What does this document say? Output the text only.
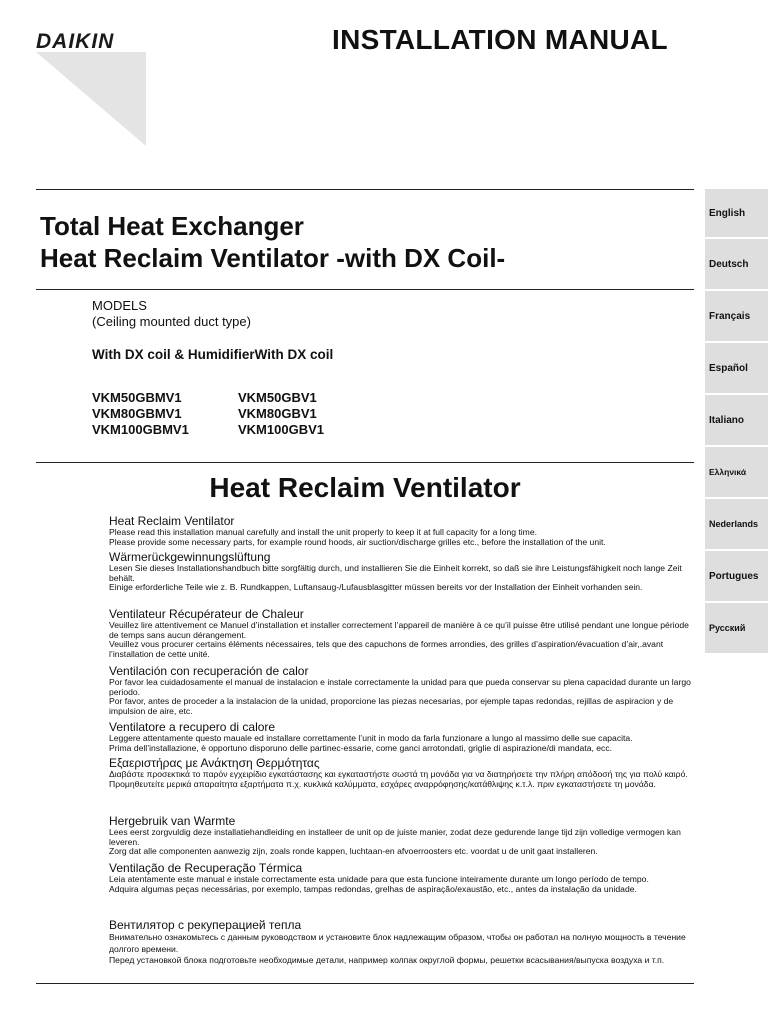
DAIKIN	INSTALLATION MANUAL
Total Heat Exchanger
Heat Reclaim Ventilator -with DX Coil-
MODELS
(Ceiling mounted duct type)
With DX coil & HumidifierWith DX coil
VKM50GBMV1
VKM80GBMV1
VKM100GBMV1
VKM50GBV1
VKM80GBV1
VKM100GBV1
Heat Reclaim Ventilator

Heat Reclaim Ventilator

Please read this installation manual carefully and install the unit properly to keep it at full capacity for a long time.
Please provide some necessary parts, for example round hoods, air suction/discharge grilles etc., before the installation of the unit.

Wärmerückgewinnungslüftung

Lesen Sie dieses Installationshandbuch bitte sorgfältig durch, und installieren Sie die Einheit korrekt, so daß sie ihre Leistungsfähigkeit noch lange Zeit behält.
Einige erforderliche Teile wie z. B. Rundkappen, Luftansaug-/Lufausblasgitter müssen bereits vor der Installation der Einheit vorhanden sein.

Ventilateur Récupérateur de Chaleur

Veuillez lire attentivement ce Manuel d’installation et installer correctement l’appareil de manière à ce qu’il puisse être utilisé pendant une longue période de temps sans aucun dérangement.
Veuillez vous procurer certains éléments nécessaires, tels que des capuchons de formes arrondies, des grilles d’aspiration/évacuation d’air,.avant l’installation de cette unité.

Ventilación con recuperación de calor

Por favor lea cuidadosamente el manual de instalacion e instale correctamente la unidad para que pueda conservar su plena capacidad durante un largo periodo.
Por favor, antes de proceder a la instalacion de la unidad, proporcione las piezas necesarias, por ejemple tapas redondas, rejillas de aspiracion y de impulsion de aire, etc.

Ventilatore a recupero di calore

Leggere attentamente questo mauale ed installare correttamente l’unit in modo da farla funzionare a lungo al massimo delle sue capacita.
Prima dell’installazione, è opportuno disporuno delle partinec-essarie, come ganci arrotondati, griglie di aspirazione/di mandata, ecc.

Εξαεριστήρας με Ανάκτηση Θερμότητας

Διαβάστε προσεκτικά το παρόν εγχειρίδιο εγκατάστασης και εγκαταστήστε σωστά τη μονάδα για να διατηρήσετε την πλήρη απόδοσή της για πολύ καιρό.
Προμηθευτείτε μερικά απαραίτητα εξαρτήματα π.χ. κυκλικά καλύμματα, εσχάρες αναρρόφησης/κατάθλιψης κ.τ.λ. πριν εγκαταστήσετε τη μονάδα.

Hergebruik van Warmte

Lees eerst zorgvuldig deze installatiehandleiding en installeer de unit op de juiste manier, zodat deze gedurende lange tijd zijn volledige vermogen kan leveren.
Zorg dat alle componenten aanwezig zijn, zoals ronde kappen, luchtaan-en afvoerroosters etc. voordat u de unit gaat installeren.

Ventilação de Recuperação Térmica

Leia atentamente este manual e instale correctamente esta unidade para que esta funcione inteiramente durante um longo período de tempo.
Adquira algumas peças necessárias, por exemplo, tampas redondas, grelhas de aspiração/exaustão, etc., antes da instalação da unidade.

Вентилятор с рекуперацией тепла

Внимательно ознакомьтесь с данным руководством и установите блок надлежащим образом, чтобы он работал на полную мощность в течение долгого времени.
Перед установкой блока подготовьте необходимые детали, например колпак округлой формы, решетки всасывания/выпуска воздуха и т.п.

English
Deutsch
Français
Español
Italiano
Ελληνικά
Nederlands
Portugues
Русский
